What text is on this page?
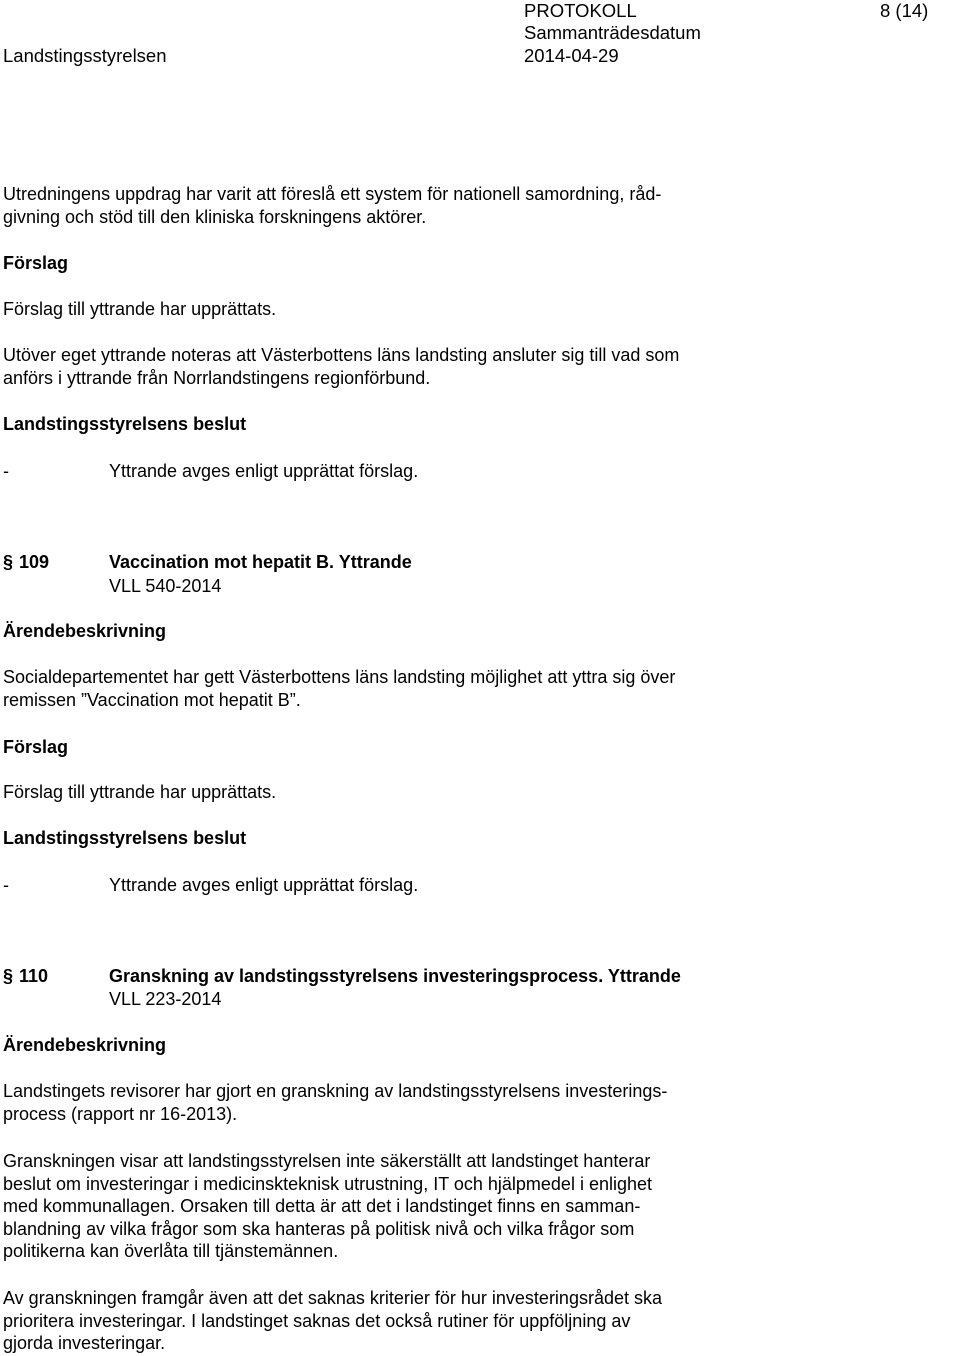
Landstingsstyrelsen
PROTOKOLL
Sammanträdesdatum
2014-04-29
8 (14)
Utredningens uppdrag har varit att föreslå ett system för nationell samordning, råd-
givning och stöd till den kliniska forskningens aktörer.
Förslag
Förslag till yttrande har upprättats.
Utöver eget yttrande noteras att Västerbottens läns landsting ansluter sig till vad som
anförs i yttrande från Norrlandstingens regionförbund.
Landstingsstyrelsens beslut
-	Yttrande avges enligt upprättat förslag.
§ 109	Vaccination mot hepatit B. Yttrande
VLL 540-2014
Ärendebeskrivning
Socialdepartementet har gett Västerbottens läns landsting möjlighet att yttra sig över
remissen ”Vaccination mot hepatit B”.
Förslag
Förslag till yttrande har upprättats.
Landstingsstyrelsens beslut
-	Yttrande avges enligt upprättat förslag.
§ 110	Granskning av landstingsstyrelsens investeringsprocess. Yttrande
VLL 223-2014
Ärendebeskrivning
Landstingets revisorer har gjort en granskning av landstingsstyrelsens investerings-
process (rapport nr 16-2013).
Granskningen visar att landstingsstyrelsen inte säkerställt att landstinget hanterar
beslut om investeringar i medicinskteknisk utrustning, IT och hjälpmedel i enlighet
med kommunallagen. Orsaken till detta är att det i landstinget finns en samman-
blandning av vilka frågor som ska hanteras på politisk nivå och vilka frågor som
politikerna kan överlåta till tjänstemännen.
Av granskningen framgår även att det saknas kriterier för hur investeringsrådet ska
prioritera investeringar. I landstinget saknas det också rutiner för uppföljning av
gjorda investeringar.
